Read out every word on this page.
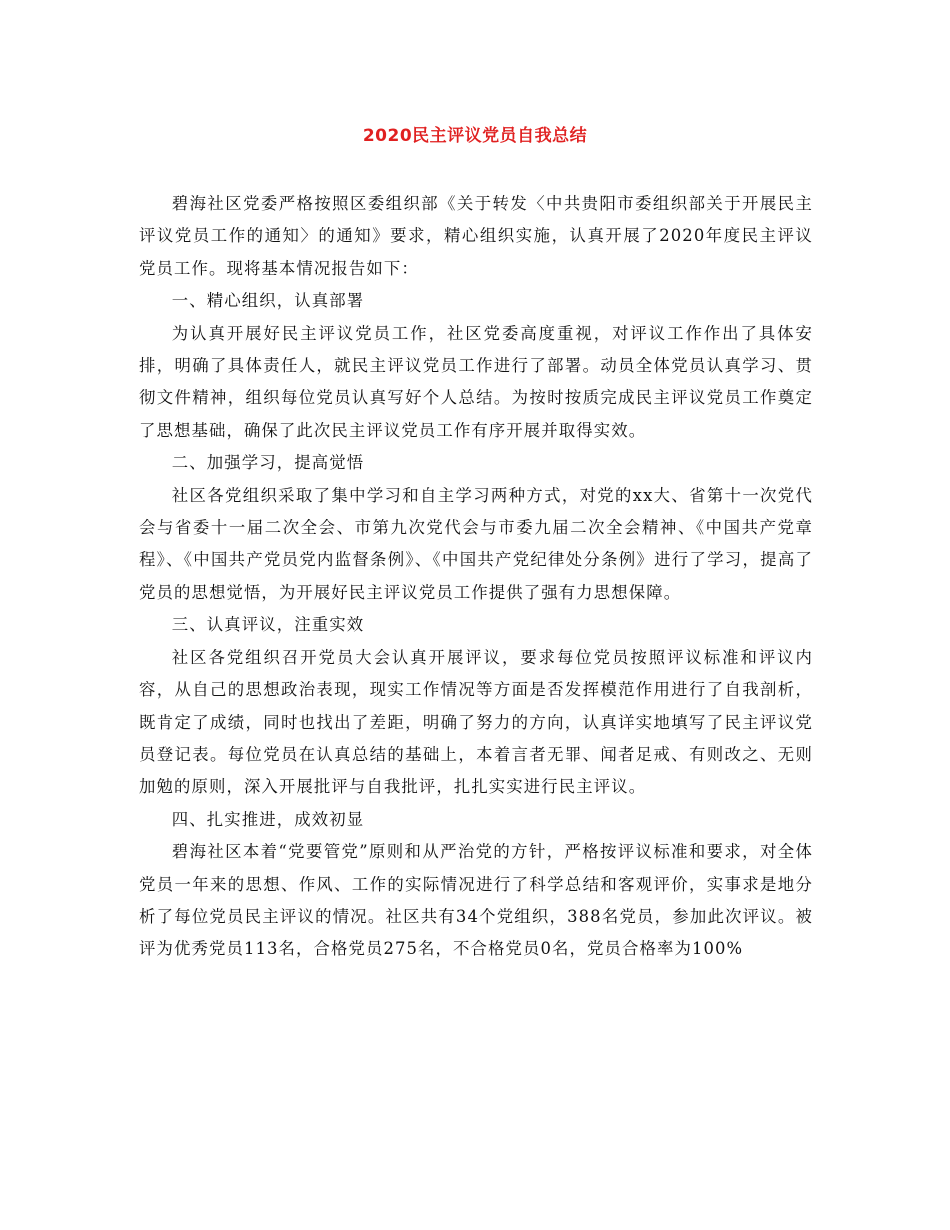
2020民主评议党员自我总结

碧海社区党委严格按照区委组织部《关于转发〈中共贵阳市委组织部关于开展民主评议党员工作的通知〉的通知》要求，精心组织实施，认真开展了2020年度民主评议党员工作。现将基本情况报告如下：

一、精心组织，认真部署

为认真开展好民主评议党员工作，社区党委高度重视，对评议工作作出了具体安排，明确了具体责任人，就民主评议党员工作进行了部署。动员全体党员认真学习、贯彻文件精神，组织每位党员认真写好个人总结。为按时按质完成民主评议党员工作奠定了思想基础，确保了此次民主评议党员工作有序开展并取得实效。

二、加强学习，提高觉悟

社区各党组织采取了集中学习和自主学习两种方式，对党的xx大、省第十一次党代会与省委十一届二次全会、市第九次党代会与市委九届二次全会精神、《中国共产党章程》、《中国共产党员党内监督条例》、《中国共产党纪律处分条例》进行了学习，提高了党员的思想觉悟，为开展好民主评议党员工作提供了强有力思想保障。

三、认真评议，注重实效

社区各党组织召开党员大会认真开展评议，要求每位党员按照评议标准和评议内容，从自己的思想政治表现，现实工作情况等方面是否发挥模范作用进行了自我剖析，既肯定了成绩，同时也找出了差距，明确了努力的方向，认真详实地填写了民主评议党员登记表。每位党员在认真总结的基础上，本着言者无罪、闻者足戒、有则改之、无则加勉的原则，深入开展批评与自我批评，扎扎实实进行民主评议。

四、扎实推进，成效初显

碧海社区本着“党要管党”原则和从严治党的方针，严格按评议标准和要求，对全体党员一年来的思想、作风、工作的实际情况进行了科学总结和客观评价，实事求是地分析了每位党员民主评议的情况。社区共有34个党组织，388名党员，参加此次评议。被评为优秀党员113名，合格党员275名，不合格党员0名，党员合格率为100%
